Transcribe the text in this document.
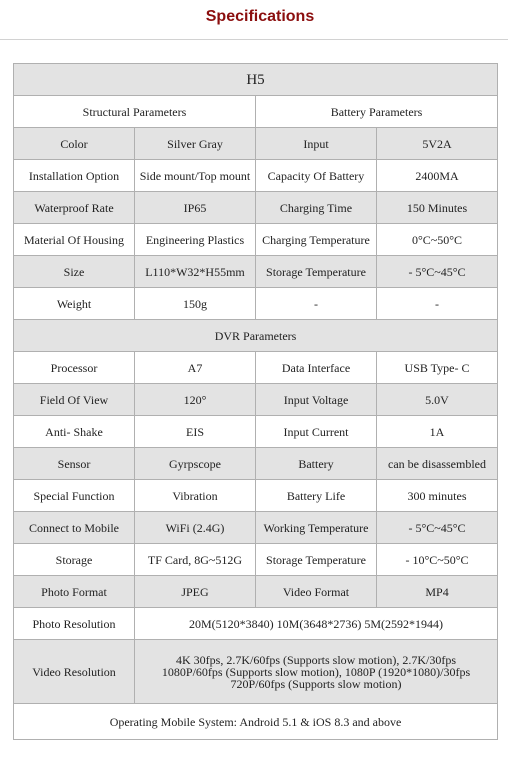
Specifications
H5			
Structural Parameters		Battery Parameters	
Color	Silver Gray	Input	5V2A
Installation Option	Side mount/Top mount	Capacity Of Battery	2400MA
Waterproof Rate	IP65	Charging Time	150 Minutes
Material Of Housing	Engineering Plastics	Charging Temperature	0°C~50°C
Size	L110*W32*H55mm	Storage Temperature	- 5°C~45°C
Weight	150g	-	-
DVR Parameters			
Processor	A7	Data Interface	USB Type- C
Field Of View	120°	Input Voltage	5.0V
Anti- Shake	EIS	Input Current	1A
Sensor	Gyrpscope	Battery	can be disassembled
Special Function	Vibration	Battery Life	300 minutes
Connect to Mobile	WiFi (2.4G)	Working Temperature	- 5°C~45°C
Storage	TF Card, 8G~512G	Storage Temperature	- 10°C~50°C
Photo Format	JPEG	Video Format	MP4
Photo Resolution	20M(5120*3840) 10M(3648*2736) 5M(2592*1944)		
Video Resolution	4K 30fps, 2.7K/60fps (Supports slow motion), 2.7K/30fps
1080P/60fps (Supports slow motion), 1080P (1920*1080)/30fps
720P/60fps (Supports slow motion)		

Operating Mobile System: Android 5.1 & iOS 8.3 and above			
